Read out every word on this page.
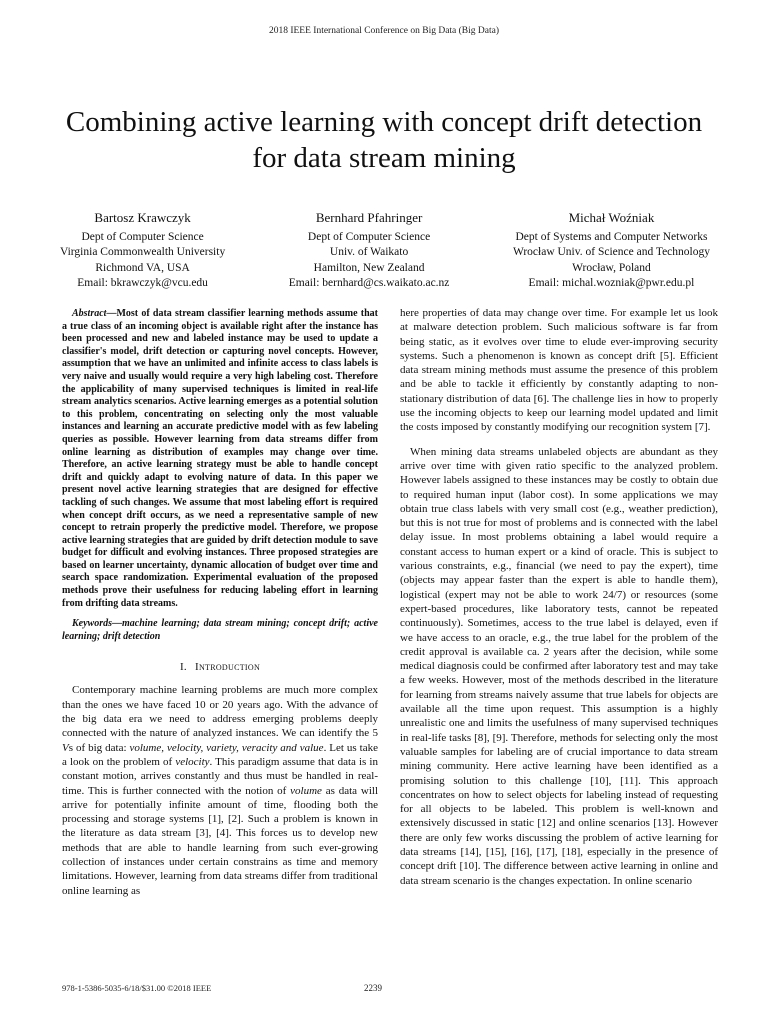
2018 IEEE International Conference on Big Data (Big Data)
Combining active learning with concept drift detection for data stream mining
Bartosz Krawczyk
Dept of Computer Science
Virginia Commonwealth University
Richmond VA, USA
Email: bkrawczyk@vcu.edu
Bernhard Pfahringer
Dept of Computer Science
Univ. of Waikato
Hamilton, New Zealand
Email: bernhard@cs.waikato.ac.nz
Michał Woźniak
Dept of Systems and Computer Networks
Wrocław Univ. of Science and Technology
Wrocław, Poland
Email: michal.wozniak@pwr.edu.pl

Abstract—Most of data stream classifier learning methods assume that a true class of an incoming object is available right after the instance has been processed and new and labeled instance may be used to update a classifier's model, drift detection or capturing novel concepts. However, assumption that we have an unlimited and infinite access to class labels is very naive and usually would require a very high labeling cost. Therefore the applicability of many supervised techniques is limited in real-life stream analytics scenarios. Active learning emerges as a potential solution to this problem, concentrating on selecting only the most valuable instances and learning an accurate predictive model with as few labeling queries as possible. However learning from data streams differ from online learning as distribution of examples may change over time. Therefore, an active learning strategy must be able to handle concept drift and quickly adapt to evolving nature of data. In this paper we present novel active learning strategies that are designed for effective tackling of such changes. We assume that most labeling effort is required when concept drift occurs, as we need a representative sample of new concept to retrain properly the predictive model. Therefore, we propose active learning strategies that are guided by drift detection module to save budget for difficult and evolving instances. Three proposed strategies are based on learner uncertainty, dynamic allocation of budget over time and search space randomization. Experimental evaluation of the proposed methods prove their usefulness for reducing labeling effort in learning from drifting data streams.

Keywords—machine learning; data stream mining; concept drift; active learning; drift detection

I. Introduction

Contemporary machine learning problems are much more complex than the ones we have faced 10 or 20 years ago. With the advance of the big data era we need to address emerging problems deeply connected with the nature of analyzed instances. We can identify the 5 Vs of big data: volume, velocity, variety, veracity and value. Let us take a look on the problem of velocity. This paradigm assume that data is in constant motion, arrives constantly and thus must be handled in real-time. This is further connected with the notion of volume as data will arrive for potentially infinite amount of time, flooding both the processing and storage systems [1], [2]. Such a problem is known in the literature as data stream [3], [4]. This forces us to develop new methods that are able to handle learning from such ever-growing collection of instances under certain constrains as time and memory limitations. However, learning from data streams differ from traditional online learning as

here properties of data may change over time. For example let us look at malware detection problem. Such malicious software is far from being static, as it evolves over time to elude ever-improving security systems. Such a phenomenon is known as concept drift [5]. Efficient data stream mining methods must assume the presence of this problem and be able to tackle it efficiently by constantly adapting to non-stationary distribution of data [6]. The challenge lies in how to properly use the incoming objects to keep our learning model updated and limit the costs imposed by constantly modifying our recognition system [7].

When mining data streams unlabeled objects are abundant as they arrive over time with given ratio specific to the analyzed problem. However labels assigned to these instances may be costly to obtain due to required human input (labor cost). In some applications we may obtain true class labels with very small cost (e.g., weather prediction), but this is not true for most of problems and is connected with the label delay issue. In most problems obtaining a label would require a constant access to human expert or a kind of oracle. This is subject to various constraints, e.g., financial (we need to pay the expert), time (objects may appear faster than the expert is able to handle them), logistical (expert may not be able to work 24/7) or resources (some expert-based procedures, like laboratory tests, cannot be repeated continuously). Sometimes, access to the true label is delayed, even if we have access to an oracle, e.g., the true label for the problem of the credit approval is available ca. 2 years after the decision, while some medical diagnosis could be confirmed after laboratory test and may take a few weeks. However, most of the methods described in the literature for learning from streams naively assume that true labels for objects are available all the time upon request. This assumption is a highly unrealistic one and limits the usefulness of many supervised techniques in real-life tasks [8], [9]. Therefore, methods for selecting only the most valuable samples for labeling are of crucial importance to data stream mining community. Here active learning have been identified as a promising solution to this challenge [10], [11]. This approach concentrates on how to select objects for labeling instead of requesting for all objects to be labeled. This problem is well-known and extensively discussed in static [12] and online scenarios [13]. However there are only few works discussing the problem of active learning for data streams [14], [15], [16], [17], [18], especially in the presence of concept drift [10]. The difference between active learning in online and data stream scenario is the changes expectation. In online scenario

978-1-5386-5035-6/18/$31.00 ©2018 IEEE	2239
